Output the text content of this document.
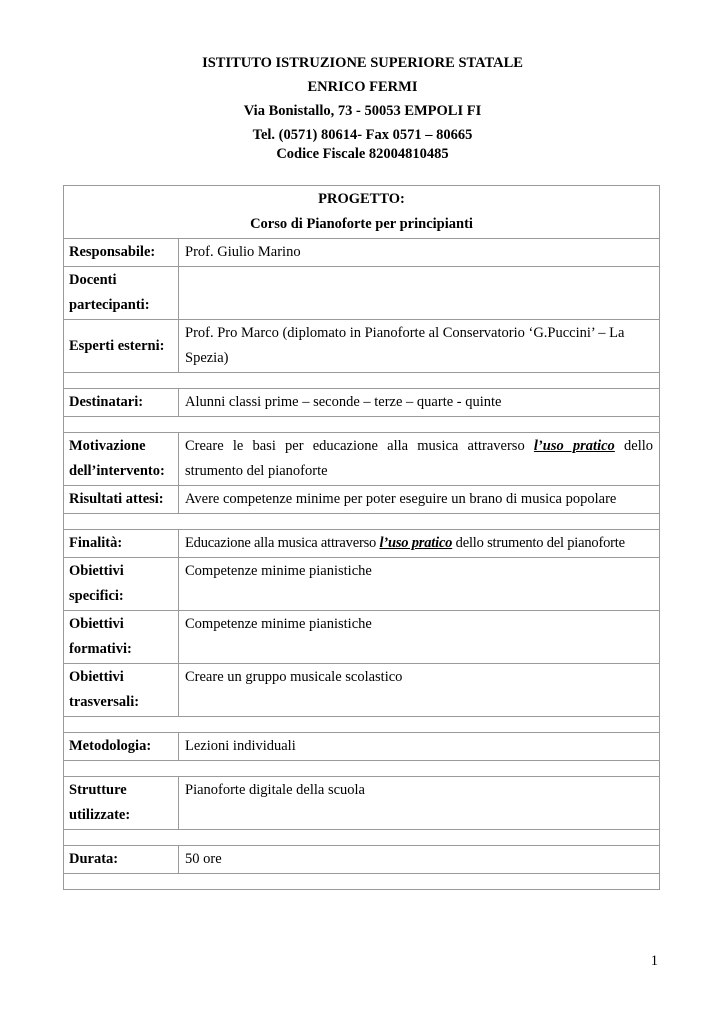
ISTITUTO ISTRUZIONE SUPERIORE STATALE
ENRICO FERMI
Via Bonistallo, 73 - 50053 EMPOLI FI
Tel. (0571) 80614- Fax 0571 – 80665
Codice Fiscale 82004810485
PROGETTO:
Corso di Pianoforte per principianti	

Responsabile:	Prof. Giulio Marino
Docenti partecipanti:	
Esperti esterni:	Prof. Pro Marco (diplomato in Pianoforte al Conservatorio ‘G.Puccini’ – La Spezia)

Destinatari:	Alunni classi prime – seconde – terze – quarte - quinte

Motivazione dell’intervento:	Creare le basi per educazione alla musica attraverso l’uso pratico dello strumento del pianoforte
Risultati attesi:	Avere competenze minime per poter eseguire un brano di musica popolare

Finalità:	Educazione alla musica attraverso l’uso pratico dello strumento del pianoforte
Obiettivi specifici:	Competenze minime pianistiche
Obiettivi formativi:	Competenze minime pianistiche
Obiettivi trasversali:	Creare un gruppo musicale scolastico

Metodologia:	Lezioni individuali

Strutture utilizzate:	Pianoforte digitale della scuola

Durata:	50 ore

1
